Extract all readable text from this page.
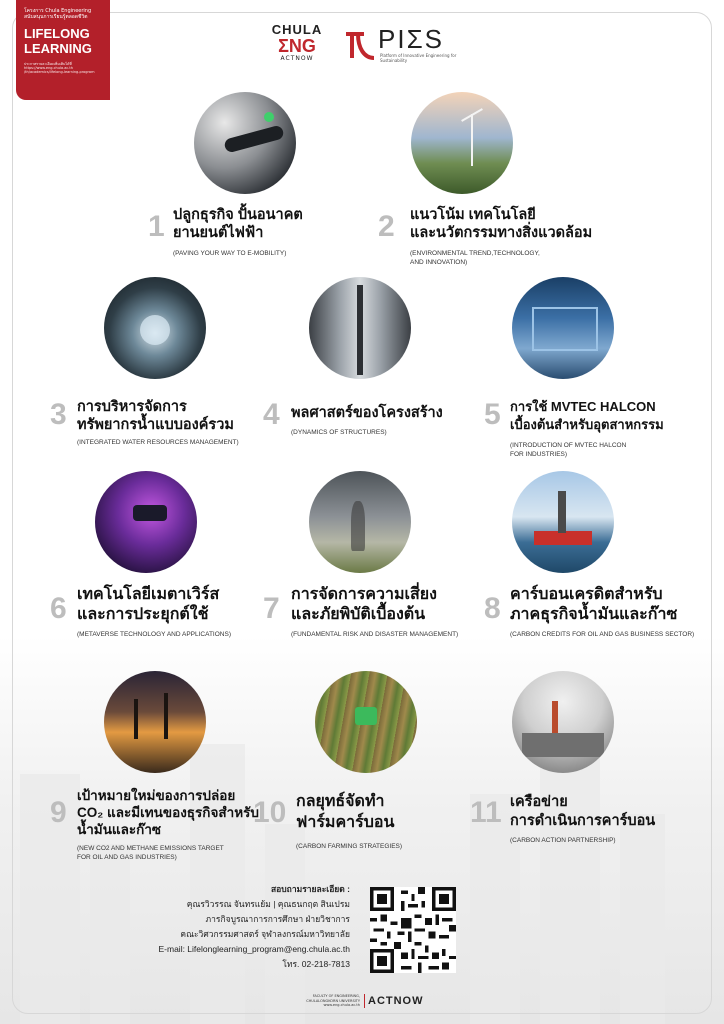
โครงการ Chula Engineering
สนับสนุนการเรียนรู้ตลอดชีวิต
LIFELONG
LEARNING
ประกาศรายละเอียดเพิ่มเติมได้ที่ https://www.eng.chula.ac.th /th/academics/lifelong-learning-program
CHULA
ΣNG
ACTNOW
PIΣS
Platform of Innovative Engineering for Sustainability
1 ปลูกธุรกิจ ปั้นอนาคต
ยานยนต์ไฟฟ้า
(PAVING YOUR WAY TO E-MOBILITY)
2 แนวโน้ม เทคโนโลยี
และนวัตกรรมทางสิ่งแวดล้อม
(ENVIRONMENTAL TREND,TECHNOLOGY,
AND INNOVATION)
3 การบริหารจัดการ
ทรัพยากรน้ำแบบองค์รวม
(INTEGRATED WATER RESOURCES MANAGEMENT)
4 พลศาสตร์ของโครงสร้าง
(DYNAMICS OF STRUCTURES)
5 การใช้ MVTEC HALCON
เบื้องต้นสำหรับอุตสาหกรรม
(INTRODUCTION OF MVTEC HALCON
FOR INDUSTRIES)
6 เทคโนโลยีเมตาเวิร์ส
และการประยุกต์ใช้
(METAVERSE TECHNOLOGY AND APPLICATIONS)
7 การจัดการความเสี่ยง
และภัยพิบัติเบื้องต้น
(FUNDAMENTAL RISK AND DISASTER MANAGEMENT)
8 คาร์บอนเครดิตสำหรับ
ภาคธุรกิจน้ำมันและก๊าซ
(CARBON CREDITS FOR OIL AND GAS BUSINESS SECTOR)
9
เป้าหมายใหม่ของการปล่อย
CO₂ และมีเทนของธุรกิจสำหรับ
น้ำมันและก๊าซ
(NEW CO2 AND METHANE EMISSIONS TARGET
FOR OIL AND GAS INDUSTRIES)
10 กลยุทธ์จัดทำ
ฟาร์มคาร์บอน
(CARBON FARMING STRATEGIES)
11 เครือข่าย
การดำเนินการคาร์บอน
(CARBON ACTION PARTNERSHIP)
สอบถามรายละเอียด :
คุณรวิวรรณ จันทรแย้ม | คุณธนกฤต สินเปรม
ภารกิจบูรณาการการศึกษา ฝ่ายวิชาการ
คณะวิศวกรรมศาสตร์ จุฬาลงกรณ์มหาวิทยาลัย
E-mail: Lifelonglearning_program@eng.chula.ac.th
โทร. 02-218-7813
FACULTY OF ENGINEERING, CHULALONGKORN UNIVERSITY www.eng.chula.ac.th ACTNOW
